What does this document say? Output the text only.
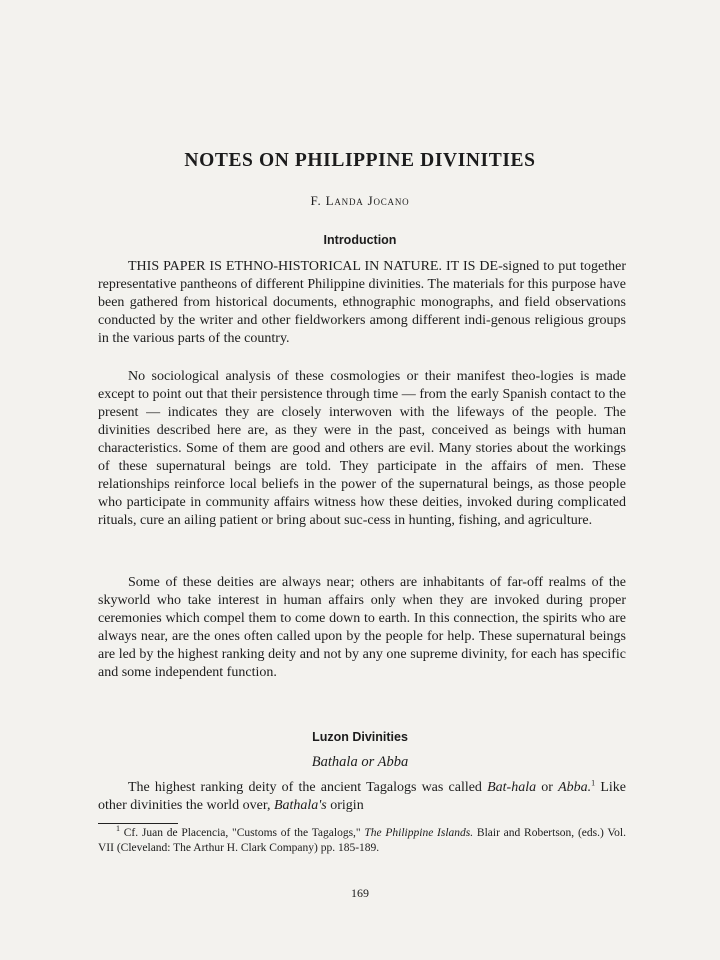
NOTES ON PHILIPPINE DIVINITIES
F. Landa Jocano
Introduction

THIS PAPER IS ETHNO-HISTORICAL IN NATURE. IT IS DE-signed to put together representative pantheons of different Philippine divinities. The materials for this purpose have been gathered from historical documents, ethnographic monographs, and field observations conducted by the writer and other fieldworkers among different indi-genous religious groups in the various parts of the country.

No sociological analysis of these cosmologies or their manifest theo-logies is made except to point out that their persistence through time — from the early Spanish contact to the present — indicates they are closely interwoven with the lifeways of the people. The divinities described here are, as they were in the past, conceived as beings with human characteristics. Some of them are good and others are evil. Many stories about the workings of these supernatural beings are told. They participate in the affairs of men. These relationships reinforce local beliefs in the power of the supernatural beings, as those people who participate in community affairs witness how these deities, invoked during complicated rituals, cure an ailing patient or bring about suc-cess in hunting, fishing, and agriculture.

Some of these deities are always near; others are inhabitants of far-off realms of the skyworld who take interest in human affairs only when they are invoked during proper ceremonies which compel them to come down to earth. In this connection, the spirits who are always near, are the ones often called upon by the people for help. These supernatural beings are led by the highest ranking deity and not by any one supreme divinity, for each has specific and some independent function.

Luzon Divinities
Bathala or Abba

The highest ranking deity of the ancient Tagalogs was called Bat-hala or Abba.$^1$ Like other divinities the world over, Bathala's origin

$^1$ Cf. Juan de Placencia, "Customs of the Tagalogs," The Philippine Islands. Blair and Robertson, (eds.) Vol. VII (Cleveland: The Arthur H. Clark Company) pp. 185-189.

169
